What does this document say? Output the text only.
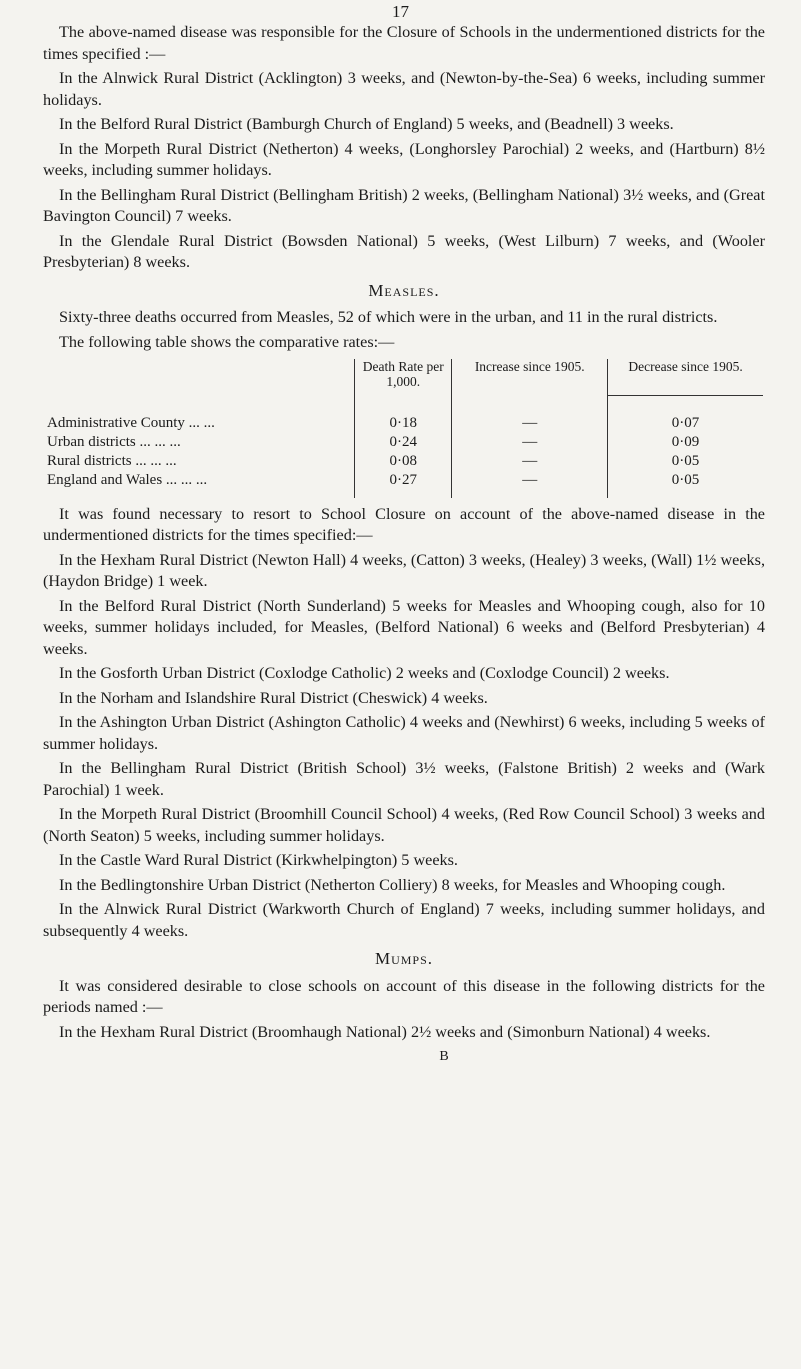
17

The above-named disease was responsible for the Closure of Schools in the undermentioned districts for the times specified :—

In the Alnwick Rural District (Acklington) 3 weeks, and (Newton-by-the-Sea) 6 weeks, including summer holidays.

In the Belford Rural District (Bamburgh Church of England) 5 weeks, and (Beadnell) 3 weeks.

In the Morpeth Rural District (Netherton) 4 weeks, (Longhorsley Parochial) 2 weeks, and (Hartburn) 8½ weeks, including summer holidays.

In the Bellingham Rural District (Bellingham British) 2 weeks, (Bellingham National) 3½ weeks, and (Great Bavington Council) 7 weeks.

In the Glendale Rural District (Bowsden National) 5 weeks, (West Lilburn) 7 weeks, and (Wooler Presbyterian) 8 weeks.

Measles.

Sixty-three deaths occurred from Measles, 52 of which were in the urban, and 11 in the rural districts.

The following table shows the comparative rates:—

	Death Rate per 1,000.	Increase since 1905.	Decrease since 1905.

Administrative County ... ...	0·18	—	0·07
Urban districts ... ... ...	0·24	—	0·09
Rural districts ... ... ...	0·08	—	0·05
England and Wales ... ... ...	0·27	—	0·05

It was found necessary to resort to School Closure on account of the above-named disease in the undermentioned districts for the times specified:—

In the Hexham Rural District (Newton Hall) 4 weeks, (Catton) 3 weeks, (Healey) 3 weeks, (Wall) 1½ weeks, (Haydon Bridge) 1 week.

In the Belford Rural District (North Sunderland) 5 weeks for Measles and Whooping cough, also for 10 weeks, summer holidays included, for Measles, (Belford National) 6 weeks and (Belford Presbyterian) 4 weeks.

In the Gosforth Urban District (Coxlodge Catholic) 2 weeks and (Coxlodge Council) 2 weeks.

In the Norham and Islandshire Rural District (Cheswick) 4 weeks.

In the Ashington Urban District (Ashington Catholic) 4 weeks and (Newhirst) 6 weeks, including 5 weeks of summer holidays.

In the Bellingham Rural District (British School) 3½ weeks, (Falstone British) 2 weeks and (Wark Parochial) 1 week.

In the Morpeth Rural District (Broomhill Council School) 4 weeks, (Red Row Council School) 3 weeks and (North Seaton) 5 weeks, including summer holidays.

In the Castle Ward Rural District (Kirkwhelpington) 5 weeks.

In the Bedlingtonshire Urban District (Netherton Colliery) 8 weeks, for Measles and Whooping cough.

In the Alnwick Rural District (Warkworth Church of England) 7 weeks, including summer holidays, and subsequently 4 weeks.

Mumps.

It was considered desirable to close schools on account of this disease in the following districts for the periods named :—

In the Hexham Rural District (Broomhaugh National) 2½ weeks and (Simonburn National) 4 weeks.

B
